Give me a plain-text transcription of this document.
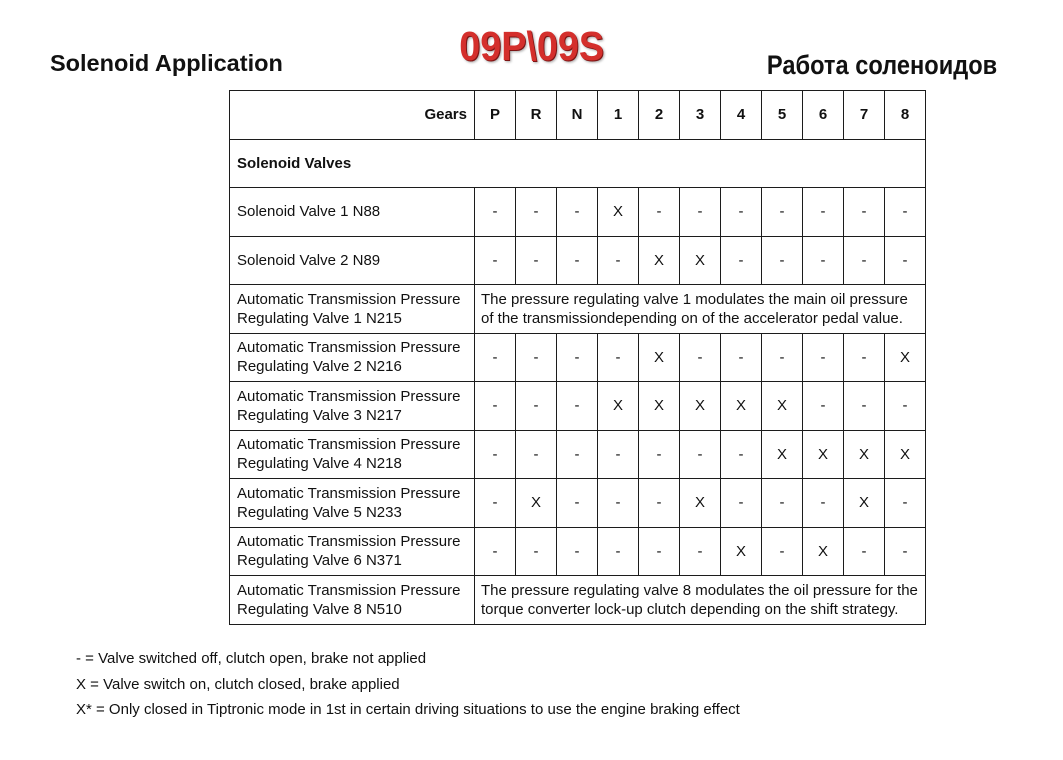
Solenoid Application	09P\09S	Работа соленоидов
Gears	P	R	N	1	2	3	4	5	6	7	8
Solenoid Valves											
Solenoid Valve 1 N88	-	-	-	X	-	-	-	-	-	-	-
Solenoid Valve 2 N89	-	-	-	-	X	X	-	-	-	-	-
Automatic Transmission Pressure Regulating Valve 1 N215	The pressure regulating valve 1 modulates the main oil pressure
of the transmissiondepending on of the accelerator pedal value.										

Automatic Transmission Pressure Regulating Valve 2 N216	-	-	-	-	X	-	-	-	-	-	X
Automatic Transmission Pressure Regulating Valve 3 N217	-	-	-	X	X	X	X	X	-	-	-
Automatic Transmission Pressure Regulating Valve 4 N218	-	-	-	-	-	-	-	X	X	X	X
Automatic Transmission Pressure Regulating Valve 5 N233	-	X	-	-	-	X	-	-	-	X	-
Automatic Transmission Pressure Regulating Valve 6 N371	-	-	-	-	-	-	X	-	X	-	-
Automatic Transmission Pressure Regulating Valve 8 N510	The pressure regulating valve 8 modulates the oil pressure for the
torque converter lock-up clutch depending on the shift strategy.										
- = Valve switched off, clutch open, brake not applied
X = Valve switch on, clutch closed, brake applied
X* = Only closed in Tiptronic mode in 1st in certain driving situations to use the engine braking effect
